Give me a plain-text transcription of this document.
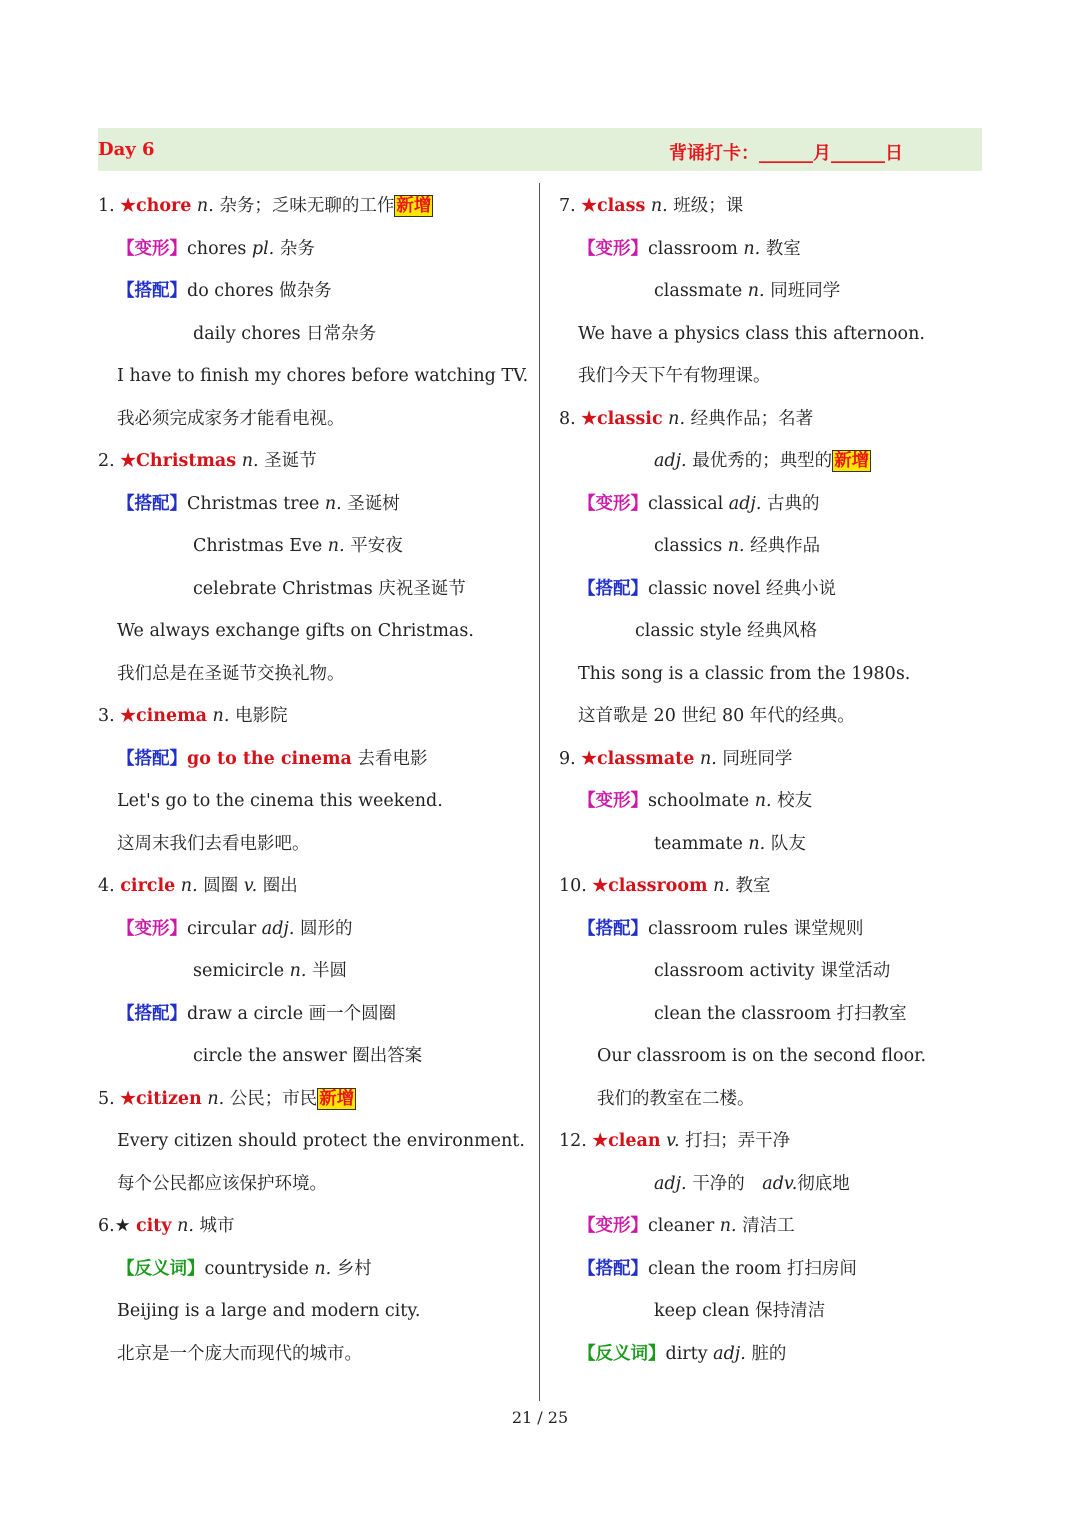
Day 6	背诵打卡：______月______日
1. ★chore n. 杂务；乏味无聊的工作 新增
【变形】chores pl. 杂务
【搭配】do chores 做杂务
daily chores 日常杂务
I have to finish my chores before watching TV.
我必须完成家务才能看电视。
2. ★Christmas n. 圣诞节
【搭配】Christmas tree n. 圣诞树
Christmas Eve n. 平安夜
celebrate Christmas 庆祝圣诞节
We always exchange gifts on Christmas.
我们总是在圣诞节交换礼物。
3. ★cinema n. 电影院
【搭配】go to the cinema 去看电影
Let's go to the cinema this weekend.
这周末我们去看电影吧。
4. circle n. 圆圈 v. 圈出
【变形】circular adj. 圆形的
semicircle n. 半圆
【搭配】draw a circle 画一个圆圈
circle the answer 圈出答案
5. ★citizen n. 公民；市民 新增
Every citizen should protect the environment.
每个公民都应该保护环境。
6.★ city n. 城市
【反义词】countryside n. 乡村
Beijing is a large and modern city.
北京是一个庞大而现代的城市。
7. ★class n. 班级；课
【变形】classroom n. 教室
classmate n. 同班同学
We have a physics class this afternoon.
我们今天下午有物理课。
8. ★classic n. 经典作品；名著
adj. 最优秀的；典型的 新增
【变形】classical adj. 古典的
classics n. 经典作品
【搭配】classic novel 经典小说
classic style 经典风格
This song is a classic from the 1980s.
这首歌是 20 世纪 80 年代的经典。
9. ★classmate n. 同班同学
【变形】schoolmate n. 校友
teammate n. 队友
10. ★classroom n. 教室
【搭配】classroom rules 课堂规则
classroom activity 课堂活动
clean the classroom 打扫教室
Our classroom is on the second floor.
我们的教室在二楼。
12. ★clean v. 打扫；弄干净
adj. 干净的 adv.彻底地
【变形】cleaner n. 清洁工
【搭配】clean the room 打扫房间
keep clean 保持清洁
【反义词】dirty adj. 脏的
21 / 25
